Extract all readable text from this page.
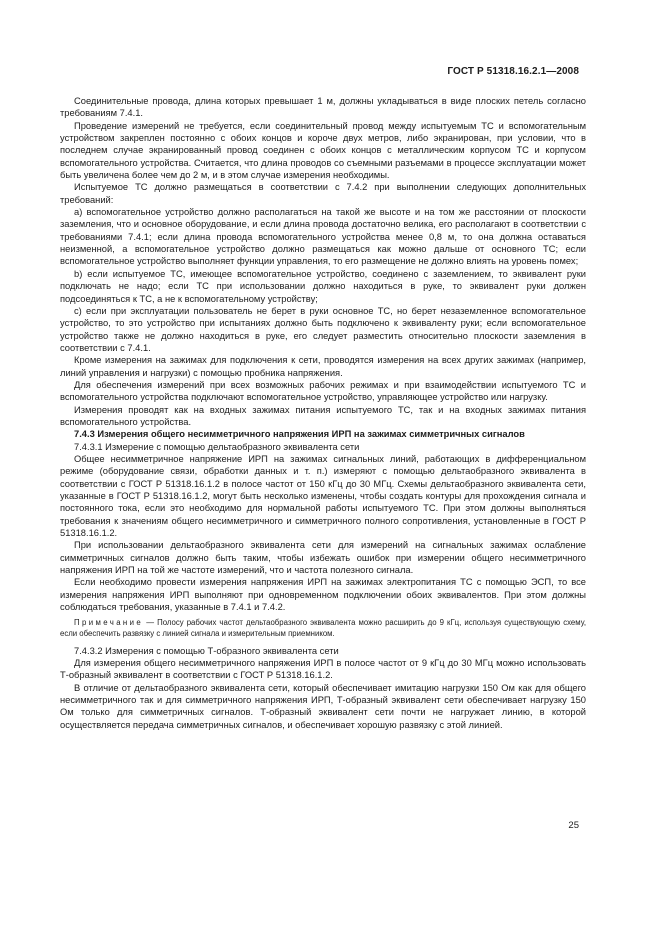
ГОСТ Р 51318.16.2.1—2008

Соединительные провода, длина которых превышает 1 м, должны укладываться в виде плоских петель согласно требованиям 7.4.1.

Проведение измерений не требуется, если соединительный провод между испытуемым ТС и вспомогательным устройством закреплен постоянно с обоих концов и короче двух метров, либо экранирован, при условии, что в последнем случае экранированный провод соединен с обоих концов с металлическим корпусом ТС и корпусом вспомогательного устройства. Считается, что длина проводов со съемными разъемами в процессе эксплуатации может быть увеличена более чем до 2 м, и в этом случае измерения необходимы.

Испытуемое ТС должно размещаться в соответствии с 7.4.2 при выполнении следующих дополнительных требований:

а) вспомогательное устройство должно располагаться на такой же высоте и на том же расстоянии от плоскости заземления, что и основное оборудование, и если длина провода достаточно велика, его располагают в соответствии с требованиями 7.4.1; если длина провода вспомогательного устройства менее 0,8 м, то она должна оставаться неизменной, а вспомогательное устройство должно размещаться как можно дальше от основного ТС; если вспомогательное устройство выполняет функции управления, то его размещение не должно влиять на уровень помех;

b) если испытуемое ТС, имеющее вспомогательное устройство, соединено с заземлением, то эквивалент руки подключать не надо; если ТС при использовании должно находиться в руке, то эквивалент руки должен подсоединяться к ТС, а не к вспомогательному устройству;

c) если при эксплуатации пользователь не берет в руки основное ТС, но берет незаземленное вспомогательное устройство, то это устройство при испытаниях должно быть подключено к эквиваленту руки; если вспомогательное устройство также не должно находиться в руке, его следует разместить относительно плоскости заземления в соответствии с 7.4.1.

Кроме измерения на зажимах для подключения к сети, проводятся измерения на всех других зажимах (например, линий управления и нагрузки) с помощью пробника напряжения.

Для обеспечения измерений при всех возможных рабочих режимах и при взаимодействии испытуемого ТС и вспомогательного устройства подключают вспомогательное устройство, управляющее устройство или нагрузку.

Измерения проводят как на входных зажимах питания испытуемого ТС, так и на входных зажимах питания вспомогательного устройства.

7.4.3 Измерения общего несимметричного напряжения ИРП на зажимах симметричных сигналов

7.4.3.1 Измерение с помощью дельтаобразного эквивалента сети

Общее несимметричное напряжение ИРП на зажимах сигнальных линий, работающих в дифференциальном режиме (оборудование связи, обработки данных и т. п.) измеряют с помощью дельтаобразного эквивалента в соответствии с ГОСТ Р 51318.16.1.2 в полосе частот от 150 кГц до 30 МГц. Схемы дельтаобразного эквивалента сети, указанные в ГОСТ Р 51318.16.1.2, могут быть несколько изменены, чтобы создать контуры для прохождения сигнала и постоянного тока, если это необходимо для нормальной работы испытуемого ТС. При этом должны выполняться требования к значениям общего несимметричного и симметричного полного сопротивления, установленные в ГОСТ Р 51318.16.1.2.

При использовании дельтаобразного эквивалента сети для измерений на сигнальных зажимах ослабление симметричных сигналов должно быть таким, чтобы избежать ошибок при измерении общего несимметричного напряжения ИРП на той же частоте измерений, что и частота полезного сигнала.

Если необходимо провести измерения напряжения ИРП на зажимах электропитания ТС с помощью ЭСП, то все измерения напряжения ИРП выполняют при одновременном подключении обоих эквивалентов. При этом должны соблюдаться требования, указанные в 7.4.1 и 7.4.2.

Примечание — Полосу рабочих частот дельтаобразного эквивалента можно расширить до 9 кГц, используя существующую схему, если обеспечить развязку с линией сигнала и измерительным приемником.

7.4.3.2 Измерения с помощью Т-образного эквивалента сети

Для измерения общего несимметричного напряжения ИРП в полосе частот от 9 кГц до 30 МГц можно использовать Т-образный эквивалент в соответствии с ГОСТ Р 51318.16.1.2.

В отличие от дельтаобразного эквивалента сети, который обеспечивает имитацию нагрузки 150 Ом как для общего несимметричного так и для симметричного напряжения ИРП, Т-образный эквивалент сети обеспечивает нагрузку 150 Ом только для симметричных сигналов. Т-образный эквивалент сети почти не нагружает линию, в которой осуществляется передача симметричных сигналов, и обеспечивает хорошую развязку с этой линией.

25
